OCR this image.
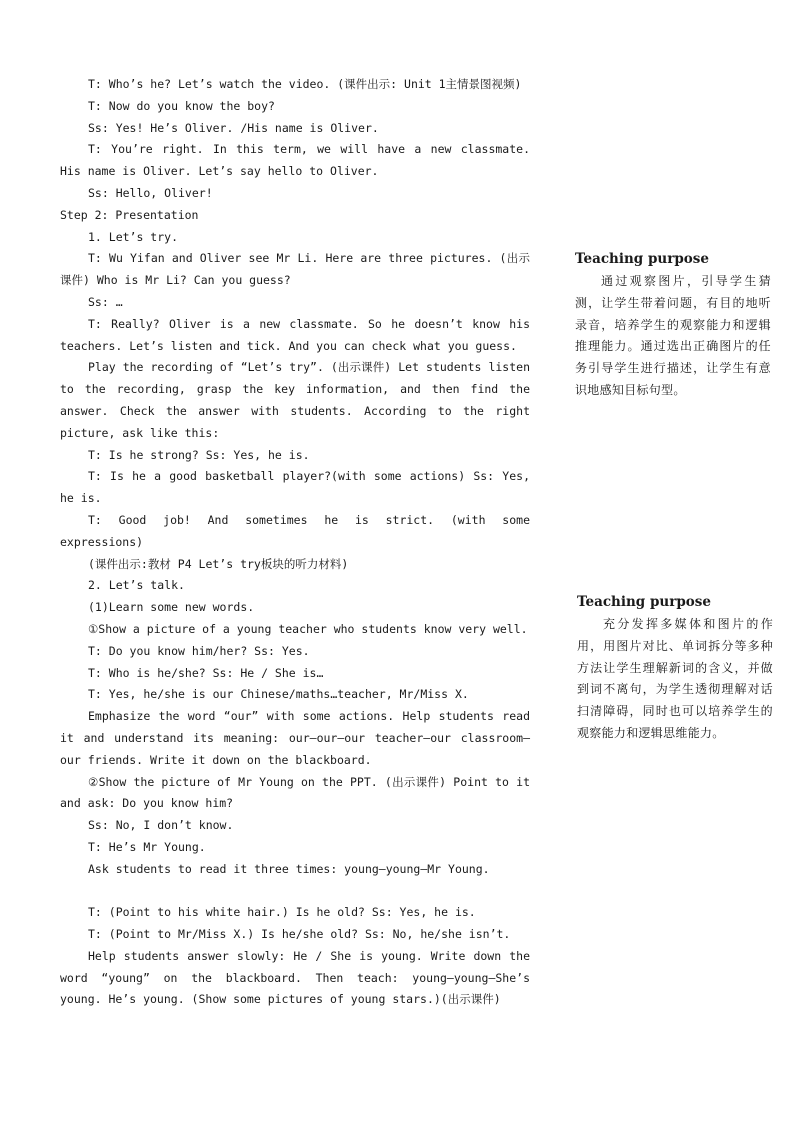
T: Who’s he? Let’s watch the video. (课件出示: Unit 1主情景图视频)

T: Now do you know the boy?

Ss: Yes! He’s Oliver. /His name is Oliver.

T: You’re right. In this term, we will have a new classmate. His name is Oliver. Let’s say hello to Oliver.

Ss: Hello, Oliver!

Step 2: Presentation

1. Let’s try.

T: Wu Yifan and Oliver see Mr Li. Here are three pictures. (出示课件) Who is Mr Li? Can you guess?

Ss: …

T: Really? Oliver is a new classmate. So he doesn’t know his teachers. Let’s listen and tick. And you can check what you guess.

Play the recording of “Let’s try”. (出示课件) Let students listen to the recording, grasp the key information, and then find the answer. Check the answer with students. According to the right picture, ask like this:

T: Is he strong? Ss: Yes, he is.

T: Is he a good basketball player?(with some actions) Ss: Yes, he is.

T: Good job! And sometimes he is strict. (with some expressions)

(课件出示:教材 P4 Let’s try板块的听力材料)

2. Let’s talk.

(1)Learn some new words.

①Show a picture of a young teacher who students know very well.

T: Do you know him/her? Ss: Yes.

T: Who is he/she? Ss: He / She is…

T: Yes, he/she is our Chinese/maths…teacher, Mr/Miss X.

Emphasize the word “our” with some actions. Help students read it and understand its meaning: our—our—our teacher—our classroom—our friends. Write it down on the blackboard.

②Show the picture of Mr Young on the PPT. (出示课件) Point to it and ask: Do you know him?

Ss: No, I don’t know.

T: He’s Mr Young.

Ask students to read it three times: young—young—Mr Young.

T: (Point to his white hair.) Is he old? Ss: Yes, he is.

T: (Point to Mr/Miss X.) Is he/she old? Ss: No, he/she isn’t.

Help students answer slowly: He / She is young. Write down the word “young” on the blackboard. Then teach: young—young—She’s young. He’s young. (Show some pictures of young stars.)(出示课件)

Teaching purpose

通过观察图片，引导学生猜测，让学生带着问题，有目的地听录音，培养学生的观察能力和逻辑推理能力。通过选出正确图片的任务引导学生进行描述，让学生有意识地感知目标句型。

Teaching purpose

充分发挥多媒体和图片的作用，用图片对比、单词拆分等多种方法让学生理解新词的含义，并做到词不离句，为学生透彻理解对话扫清障碍，同时也可以培养学生的观察能力和逻辑思维能力。
